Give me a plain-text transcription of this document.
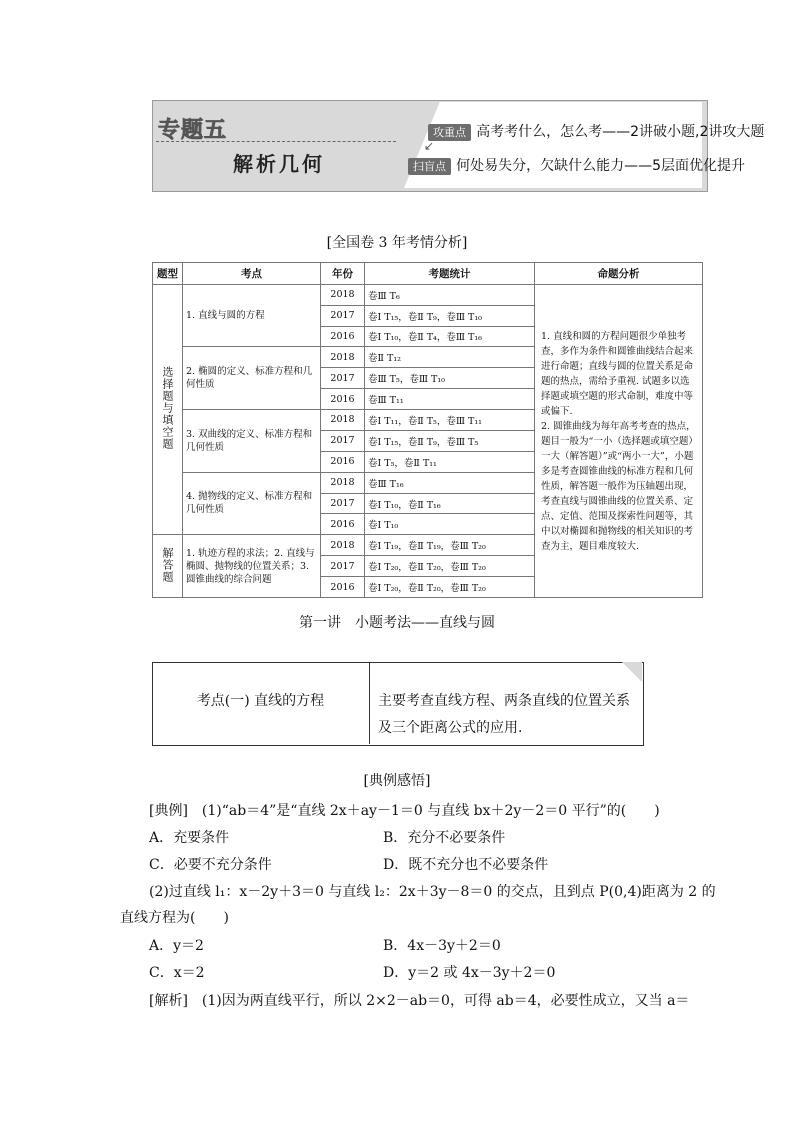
专题五
解析几何
攻重点 高考考什么，怎么考——2讲破小题,2讲攻大题
↙
扫盲点 何处易失分，欠缺什么能力——5层面优化提升
[全国卷 3 年考情分析]
题型	考点	年份	考题统计	命题分析
选择题与填空题	1. 直线与圆的方程	2018	卷Ⅲ T₆	1. 直线和圆的方程问题很少单独考查，多作为条件和圆锥曲线结合起来进行命题；直线与圆的位置关系是命题的热点，需给予重视. 试题多以选择题或填空题的形式命制，难度中等或偏下.
2. 圆锥曲线为每年高考考查的热点，题目一般为“一小（选择题或填空题）一大（解答题）”或“两小一大”，小题多是考查圆锥曲线的标准方程和几何性质，解答题一般作为压轴题出现，考查直线与圆锥曲线的位置关系、定点、定值、范围及探索性问题等，其中以对椭圆和抛物线的相关知识的考查为主，题目难度较大.

		2017	卷Ⅰ T₁₅，卷Ⅱ T₉，卷Ⅲ T₁₀	
		2016	卷Ⅰ T₁₀，卷Ⅱ T₄，卷Ⅲ T₁₆	
	2. 椭圆的定义、标准方程和几何性质	2018	卷Ⅱ T₁₂	
		2017	卷Ⅲ T₅，卷Ⅲ T₁₀	
		2016	卷Ⅲ T₁₁	
	3. 双曲线的定义、标准方程和几何性质	2018	卷Ⅰ T₁₁，卷Ⅱ T₅，卷Ⅲ T₁₁	
		2017	卷Ⅰ T₁₅，卷Ⅱ T₉，卷Ⅲ T₅	
		2016	卷Ⅰ T₅，卷Ⅱ T₁₁	
	4. 抛物线的定义、标准方程和几何性质	2018	卷Ⅲ T₁₆	
		2017	卷Ⅰ T₁₀，卷Ⅱ T₁₆	
		2016	卷Ⅰ T₁₀	
解答题	1. 轨迹方程的求法；2. 直线与椭圆、抛物线的位置关系；3. 圆锥曲线的综合问题	2018	卷Ⅰ T₁₉，卷Ⅱ T₁₉，卷Ⅲ T₂₀	
		2017	卷Ⅰ T₂₀，卷Ⅱ T₂₀，卷Ⅲ T₂₀	
		2016	卷Ⅰ T₂₀，卷Ⅱ T₂₀，卷Ⅲ T₂₀	
第一讲　小题考法——直线与圆
考点(一) 直线的方程	主要考查直线方程、两条直线的位置关系及三个距离公式的应用.
[典例感悟]
[典例]　(1)“ab＝4”是“直线 2x＋ay－1＝0 与直线 bx＋2y－2＝0 平行”的(　　)
A．充要条件	B．充分不必要条件
C．必要不充分条件	D．既不充分也不必要条件
(2)过直线 l₁：x－2y＋3＝0 与直线 l₂：2x＋3y－8＝0 的交点，且到点 P(0,4)距离为 2 的
直线方程为(　　)
A．y＝2	B．4x－3y＋2＝0
C．x＝2	D．y＝2 或 4x－3y＋2＝0
[解析]　(1)因为两直线平行，所以 2×2－ab＝0，可得 ab＝4，必要性成立，又当 a＝
